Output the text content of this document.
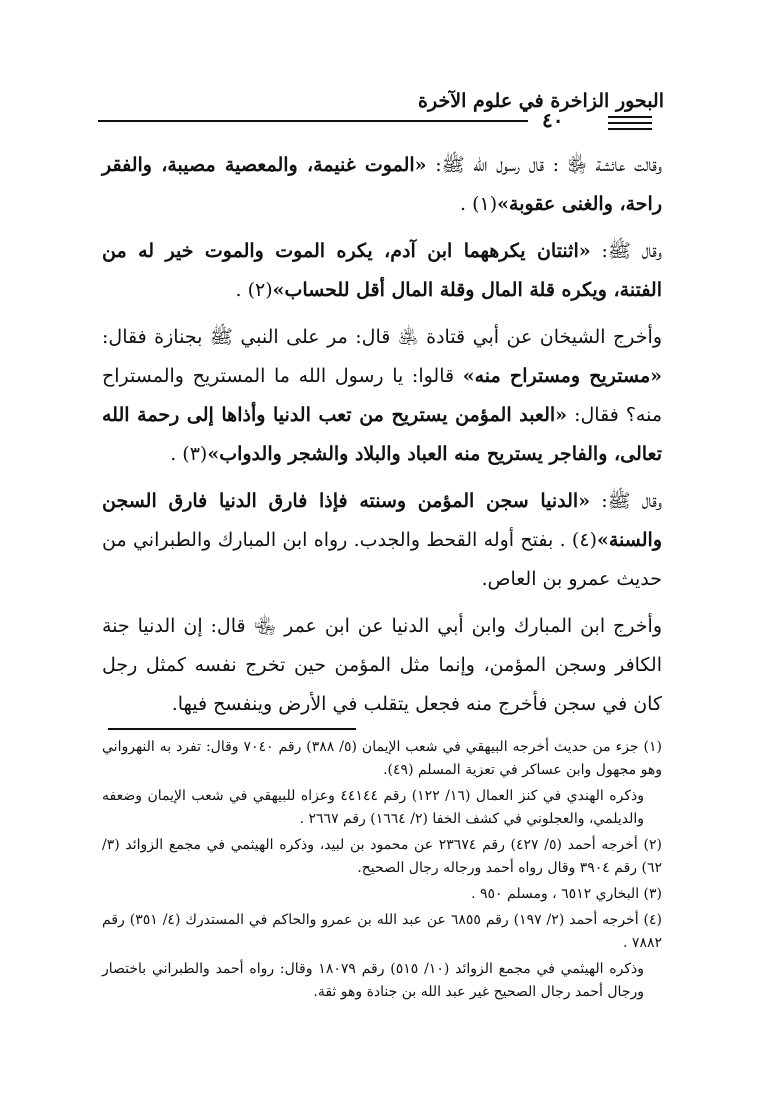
البحور الزاخرة في علوم الآخرة
٤٠

وقالت عائشة ﵂ : قال رسول الله ﷺ: «الموت غنيمة، والمعصية مصيبة، والفقر راحة، والغنى عقوبة»(١) .

وقال ﷺ: «اثنتان يكرههما ابن آدم، يكره الموت والموت خير له من الفتنة، ويكره قلة المال وقلة المال أقل للحساب»(٢) .

وأخرج الشيخان عن أبي قتادة ﵁ قال: مر على النبي ﷺ بجنازة فقال: «مستريح ومستراح منه» قالوا: يا رسول الله ما المستريح والمستراح منه؟ فقال: «العبد المؤمن يستريح من تعب الدنيا وأذاها إلى رحمة الله تعالى، والفاجر يستريح منه العباد والبلاد والشجر والدواب»(٣) .

وقال ﷺ: «الدنيا سجن المؤمن وسنته فإذا فارق الدنيا فارق السجن والسنة»(٤) . بفتح أوله القحط والجدب. رواه ابن المبارك والطبراني من حديث عمرو بن العاص.

وأخرج ابن المبارك وابن أبي الدنيا عن ابن عمر ﵄ قال: إن الدنيا جنة الكافر وسجن المؤمن، وإنما مثل المؤمن حين تخرج نفسه كمثل رجل كان في سجن فأخرج منه فجعل يتقلب في الأرض وينفسح فيها.

(١) جزء من حديث أخرجه البيهقي في شعب الإيمان (٥/ ٣٨٨) رقم ٧٠٤٠ وقال: تفرد به النهرواني وهو مجهول وابن عساكر في تعزية المسلم (٤٩).

وذكره الهندي في كنز العمال (١٦/ ١٢٢) رقم ٤٤١٤٤ وعزاه للبيهقي في شعب الإيمان وضعفه والديلمي، والعجلوني في كشف الخفا (٢/ ١٦٦٤) رقم ٢٦٦٧ .

(٢) أخرجه أحمد (٥/ ٤٢٧) رقم ٢٣٦٧٤ عن محمود بن لبيد، وذكره الهيثمي في مجمع الزوائد (٣/ ٦٢) رقم ٣٩٠٤ وقال رواه أحمد ورجاله رجال الصحيح.

(٣) البخاري ٦٥١٢ ، ومسلم ٩٥٠ .

(٤) أخرجه أحمد (٢/ ١٩٧) رقم ٦٨٥٥ عن عبد الله بن عمرو والحاكم في المستدرك (٤/ ٣٥١) رقم ٧٨٨٢ .

وذكره الهيثمي في مجمع الزوائد (١٠/ ٥١٥) رقم ١٨٠٧٩ وقال: رواه أحمد والطبراني باختصار ورجال أحمد رجال الصحيح غير عبد الله بن جنادة وهو ثقة.
